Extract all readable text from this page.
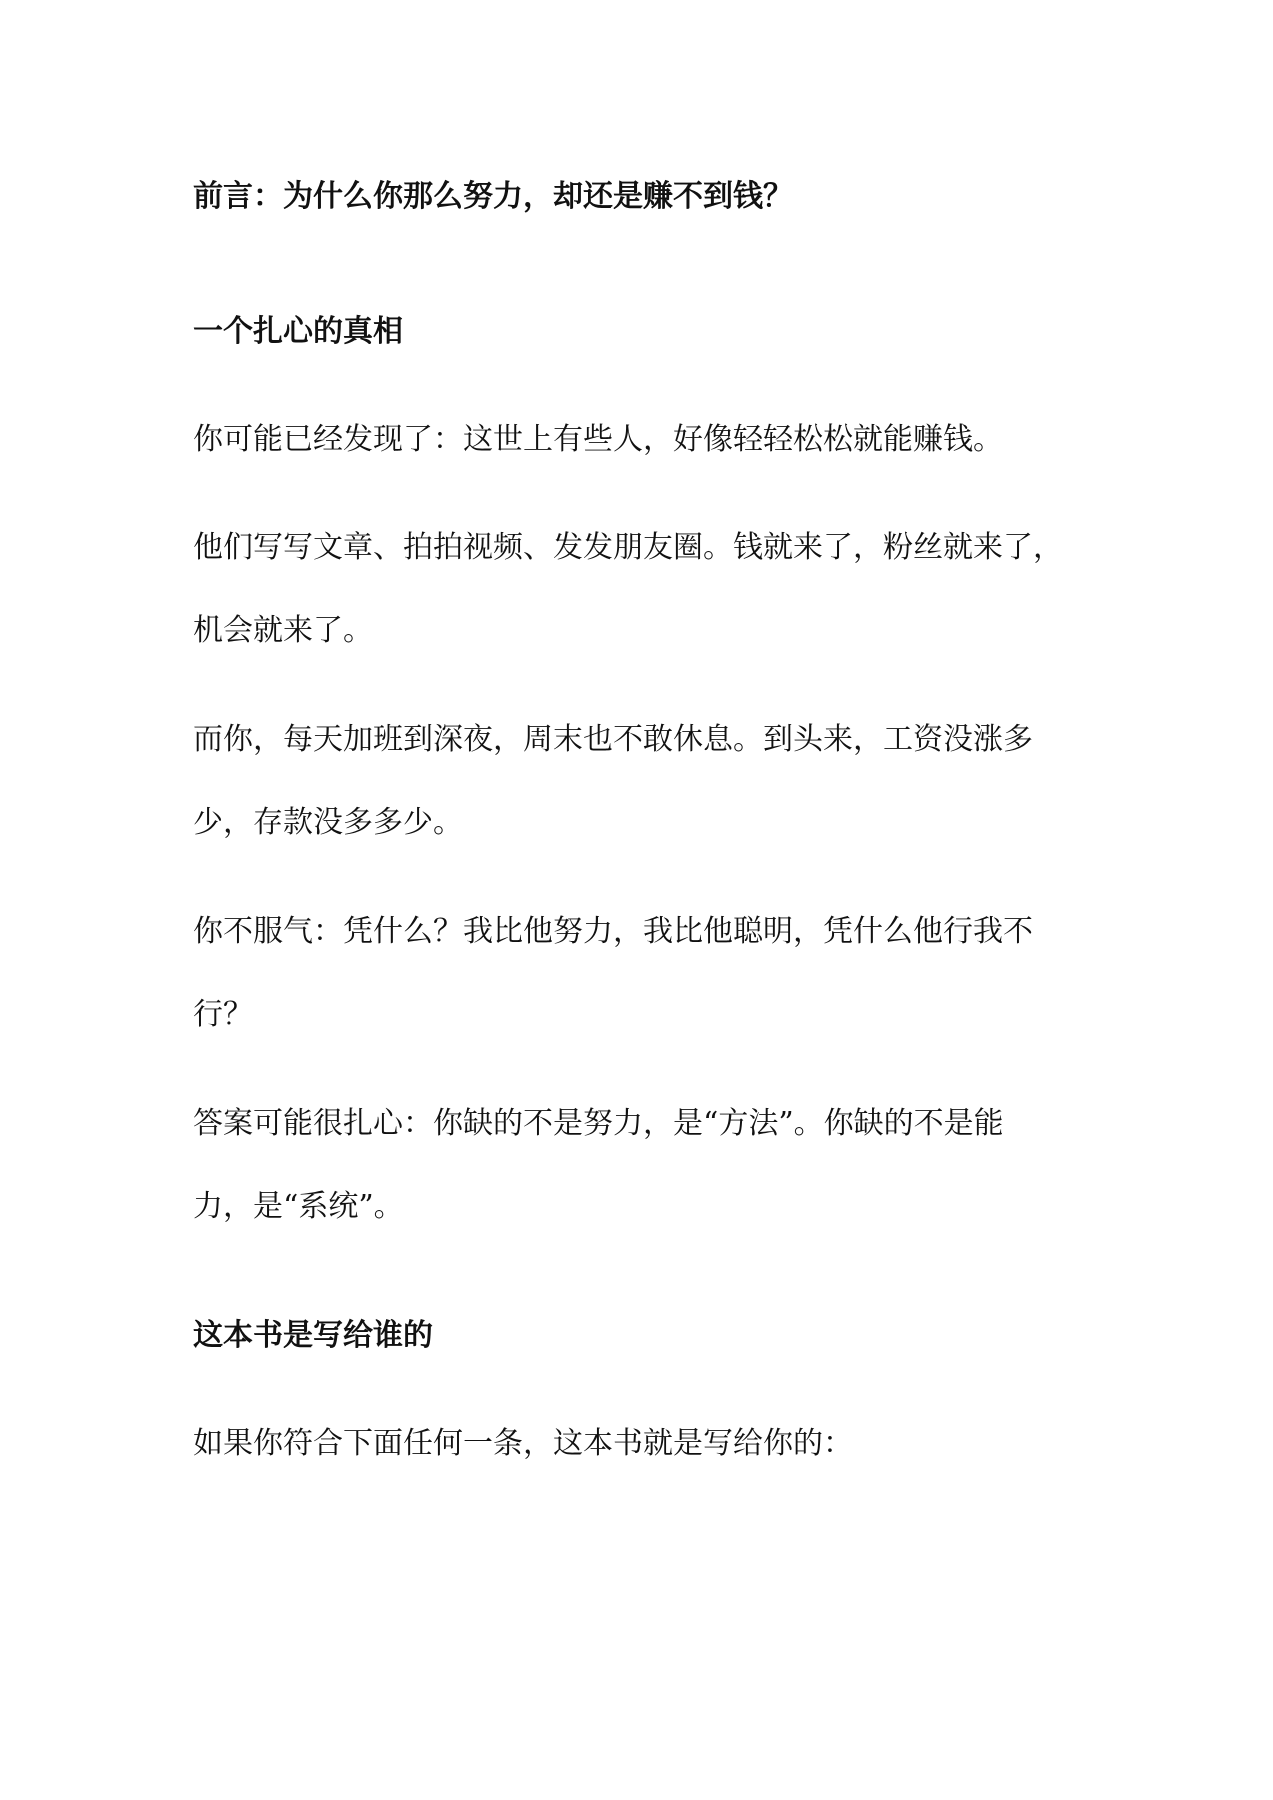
前言：为什么你那么努力，却还是赚不到钱？
一个扎心的真相

你可能已经发现了：这世上有些人，好像轻轻松松就能赚钱。

他们写写文章、拍拍视频、发发朋友圈。钱就来了，粉丝就来了，
机会就来了。

而你，每天加班到深夜，周末也不敢休息。到头来，工资没涨多
少，存款没多多少。

你不服气：凭什么？我比他努力，我比他聪明，凭什么他行我不
行？

答案可能很扎心：你缺的不是努力，是“方法”。你缺的不是能
力，是“系统”。

这本书是写给谁的

如果你符合下面任何一条，这本书就是写给你的：
